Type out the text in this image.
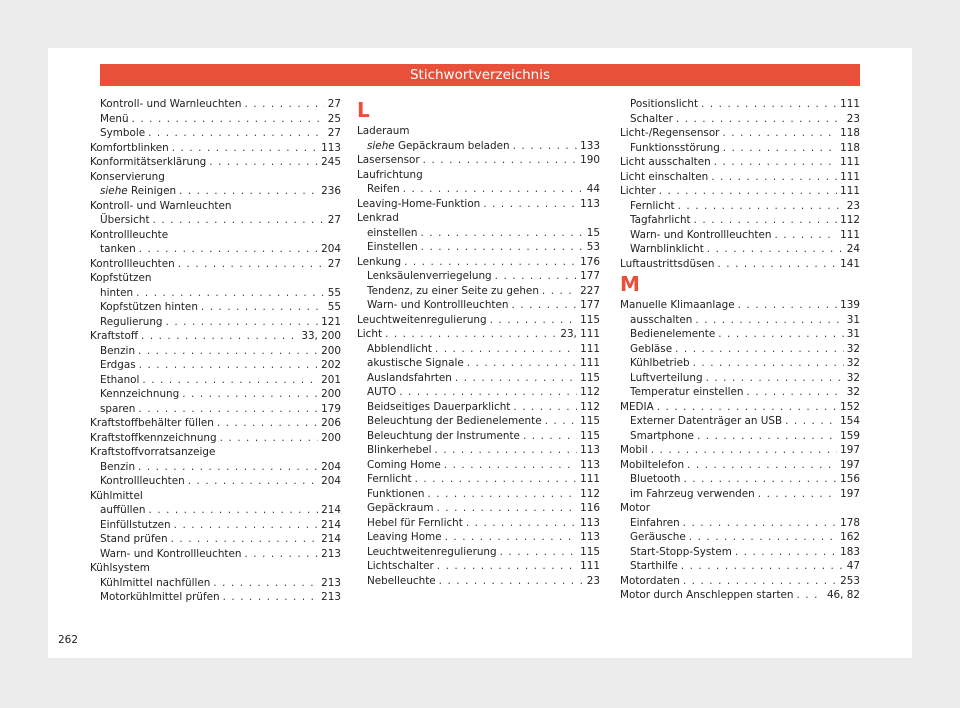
Stichwortverzeichnis
Kontroll- und Warnleuchten . . .	27
Menü . . .	25
Symbole . . .	27
Komfortblinken . . .	113
Konformitätserklärung . . .	245
Konservierung
siehe Reinigen . . .	236
Kontroll- und Warnleuchten
Übersicht . . .	27
Kontrollleuchte
tanken . . .	204
Kontrollleuchten . . .	27
Kopfstützen
hinten . . .	55
Kopfstützen hinten . . .	55
Regulierung . . .	121
Kraftstoff . . .	33, 200
Benzin . . .	200
Erdgas . . .	202
Ethanol . . .	201
Kennzeichnung . . .	200
sparen . . .	179
Kraftstoffbehälter füllen . . .	206
Kraftstoffkennzeichnung . . .	200
Kraftstoffvorratsanzeige
Benzin . . .	204
Kontrollleuchten . . .	204
Kühlmittel
auffüllen . . .	214
Einfüllstutzen . . .	214
Stand prüfen . . .	214
Warn- und Kontrollleuchten . . .	213
Kühlsystem
Kühlmittel nachfüllen . . .	213
Motorkühlmittel prüfen . . .	213
L
Laderaum
siehe Gepäckraum beladen . . .	133
Lasersensor . . .	190
Laufrichtung
Reifen . . .	44
Leaving-Home-Funktion . . .	113
Lenkrad
einstellen . . .	15
Einstellen . . .	53
Lenkung . . .	176
Lenksäulenverriegelung . . .	177
Tendenz, zu einer Seite zu gehen . . .	227
Warn- und Kontrollleuchten . . .	177
Leuchtweitenregulierung . . .	115
Licht . . .	23, 111
Abblendlicht . . .	111
akustische Signale . . .	111
Auslandsfahrten . . .	115
AUTO . . .	112
Beidseitiges Dauerparklicht . . .	112
Beleuchtung der Bedienelemente . . .	115
Beleuchtung der Instrumente . . .	115
Blinkerhebel . . .	113
Coming Home . . .	113
Fernlicht . . .	111
Funktionen . . .	112
Gepäckraum . . .	116
Hebel für Fernlicht . . .	113
Leaving Home . . .	113
Leuchtweitenregulierung . . .	115
Lichtschalter . . .	111
Nebelleuchte . . .	23
Positionslicht . . .	111
Schalter . . .	23
Licht-/Regensensor . . .	118
Funktionsstörung . . .	118
Licht ausschalten . . .	111
Licht einschalten . . .	111
Lichter . . .	111
Fernlicht . . .	23
Tagfahrlicht . . .	112
Warn- und Kontrollleuchten . . .	111
Warnblinklicht . . .	24
Luftaustrittsdüsen . . .	141
M
Manuelle Klimaanlage . . .	139
ausschalten . . .	31
Bedienelemente . . .	31
Gebläse . . .	32
Kühlbetrieb . . .	32
Luftverteilung . . .	32
Temperatur einstellen . . .	32
MEDIA . . .	152
Externer Datenträger an USB . . .	154
Smartphone . . .	159
Mobil . . .	197
Mobiltelefon . . .	197
Bluetooth . . .	156
im Fahrzeug verwenden . . .	197
Motor
Einfahren . . .	178
Geräusche . . .	162
Start-Stopp-System . . .	183
Starthilfe . . .	47
Motordaten . . .	253
Motor durch Anschleppen starten . . .	46, 82
262
